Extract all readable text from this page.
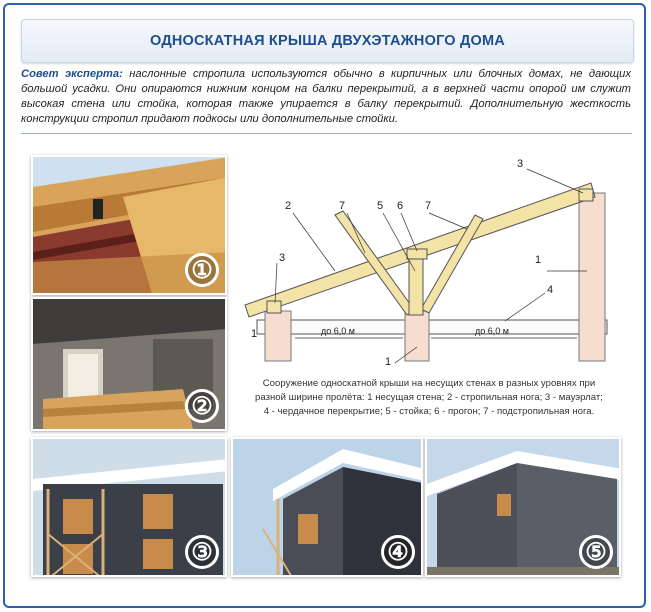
ОДНОСКАТНАЯ КРЫША ДВУХЭТАЖНОГО ДОМА
Совет эксперта: наслонные стропила используются обычно в кирпичных или блочных домах, не дающих большой усадки. Они опираются нижним концом на балки перекрытий, а в верхней части опорой им служит высокая стена или стойка, которая также упирается в балку перекрытий. Дополнительную жесткость конструкции стропил придают подкосы или дополнительные стойки.
①
②
③	④	⑤
2	7	5 6 7
3
3	1
4
1
1
до 6,0 м	до 6,0 м
Сооружение односкатной крыши на несущих стенах в разных уровнях при
разной ширине пролёта: 1 несущая стена; 2 - стропильная нога; 3 - мауэрлат;
4 - чердачное перекрытие; 5 - стойка; 6 - прогон; 7 - подстропильная нога.
